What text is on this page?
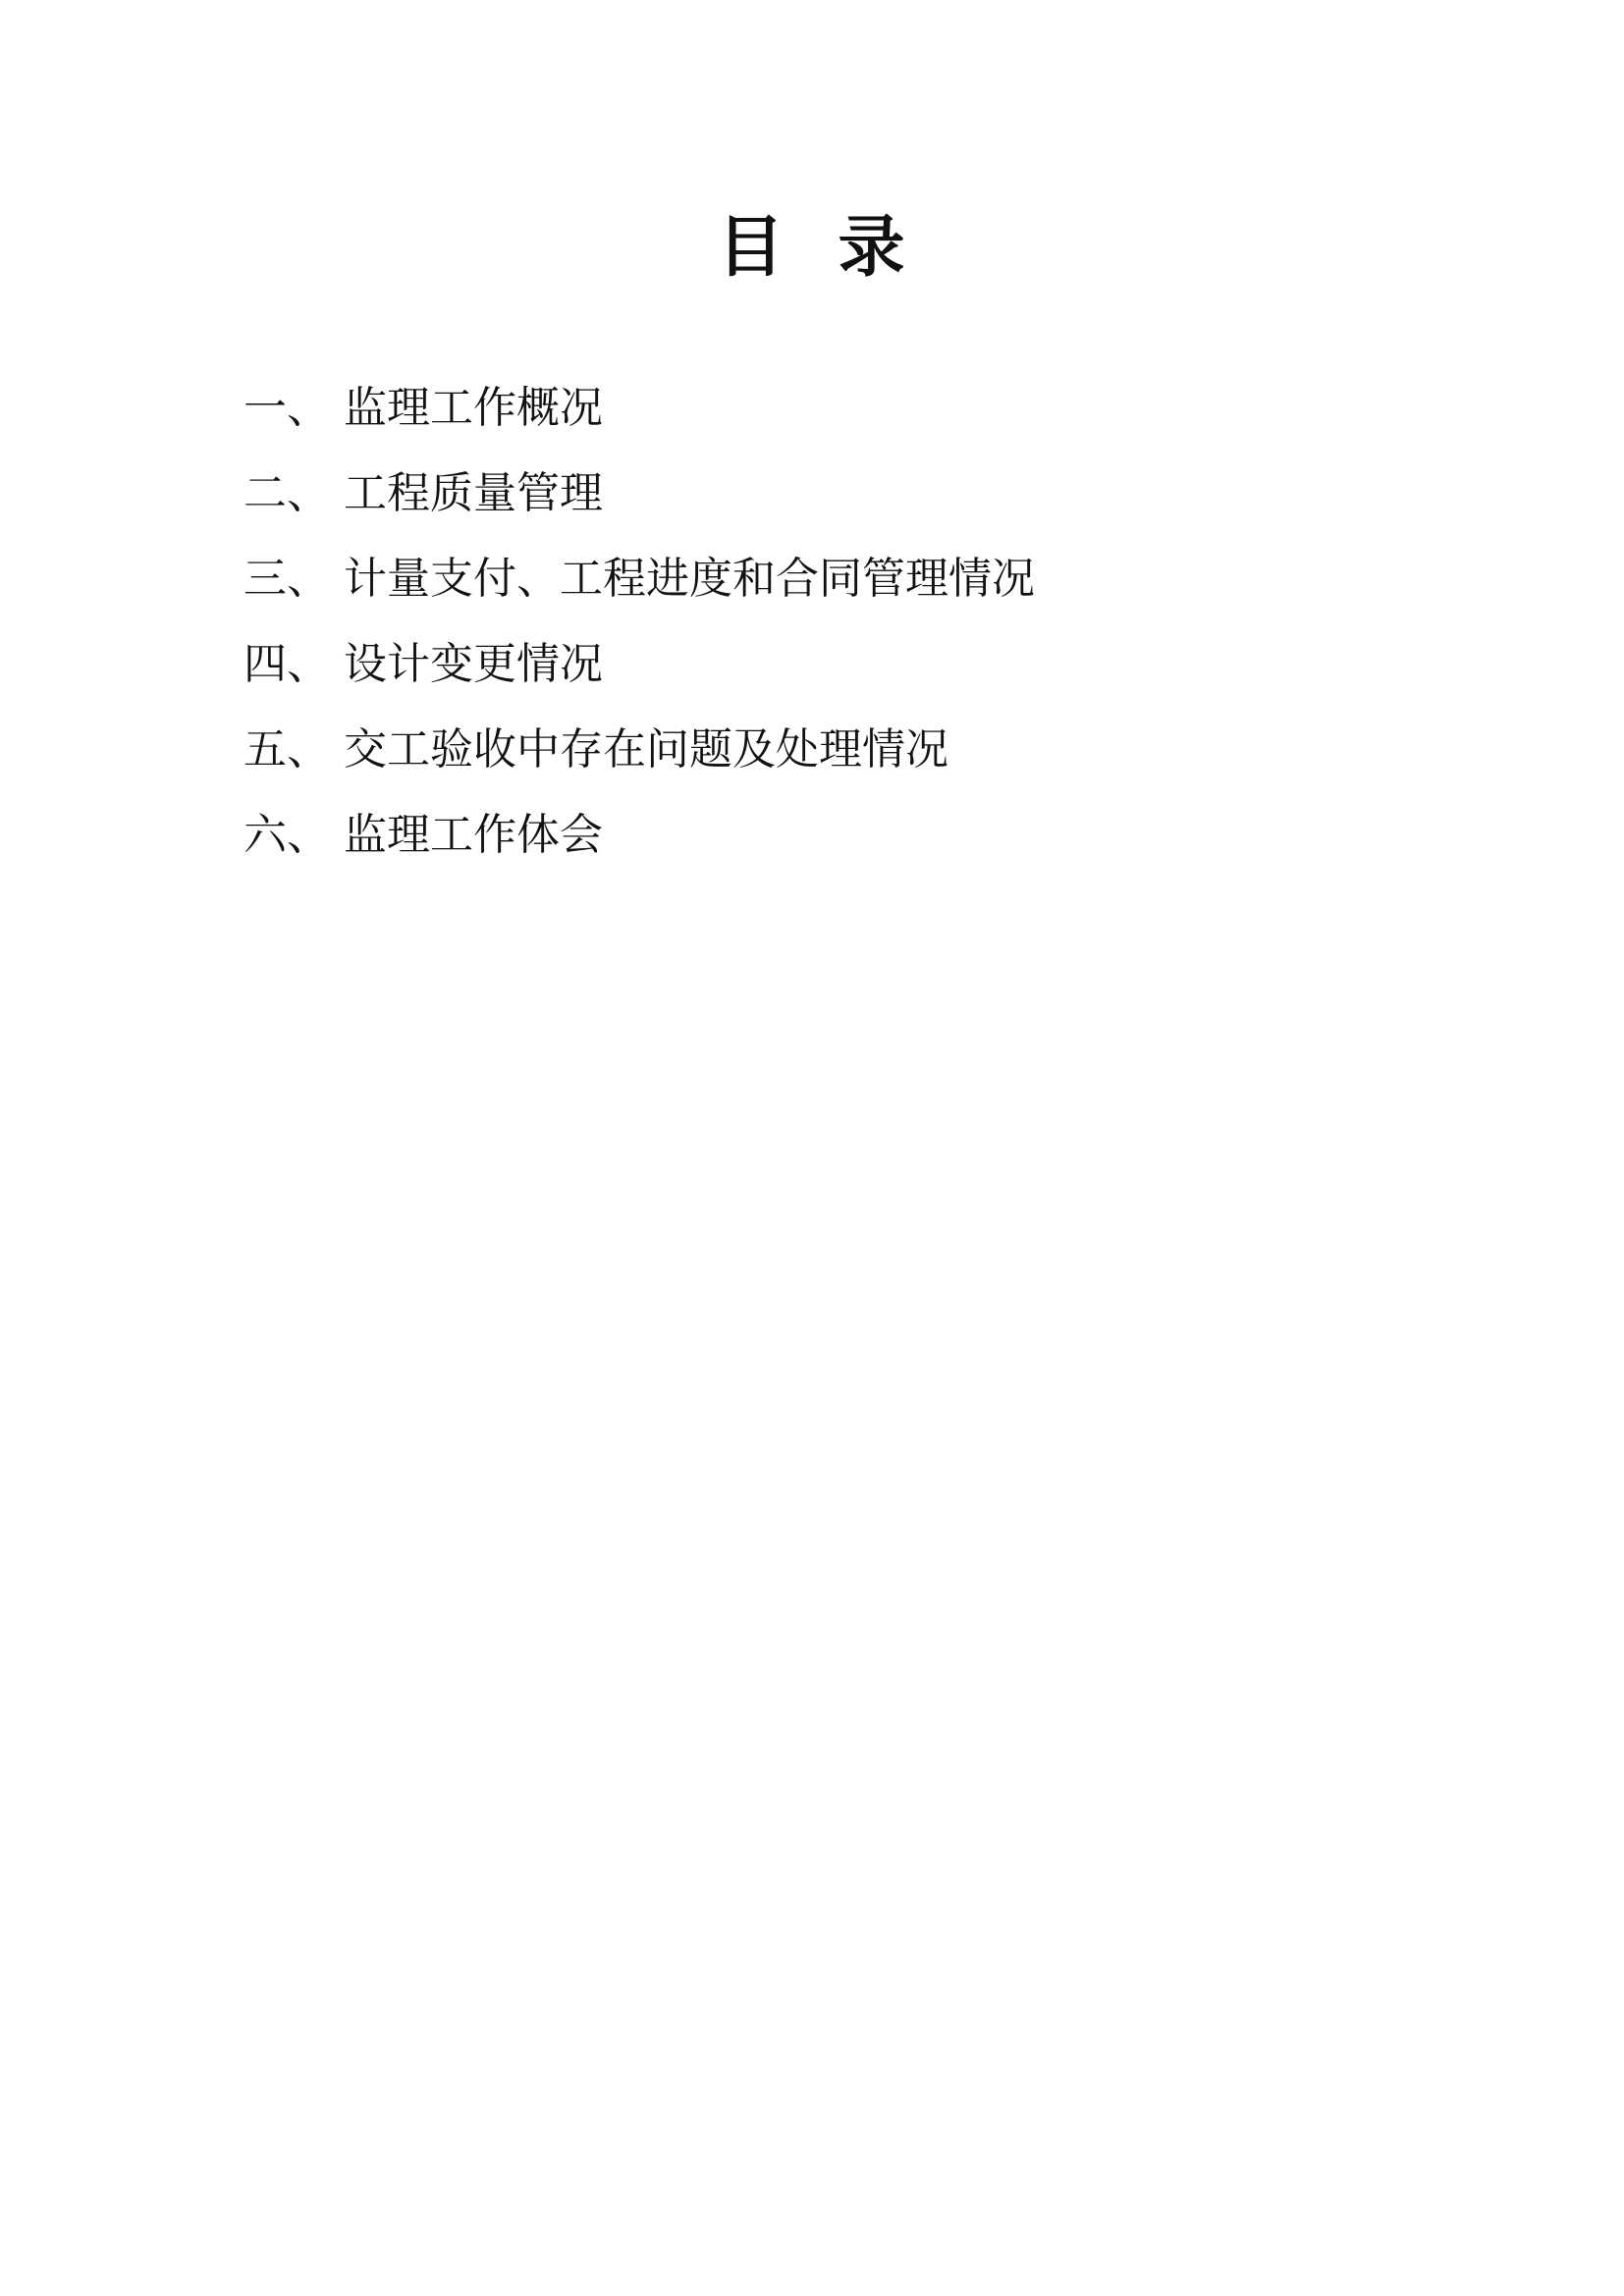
目 录
一、 监理工作概况
二、 工程质量管理
三、 计量支付、工程进度和合同管理情况
四、 设计变更情况
五、 交工验收中存在问题及处理情况
六、 监理工作体会
